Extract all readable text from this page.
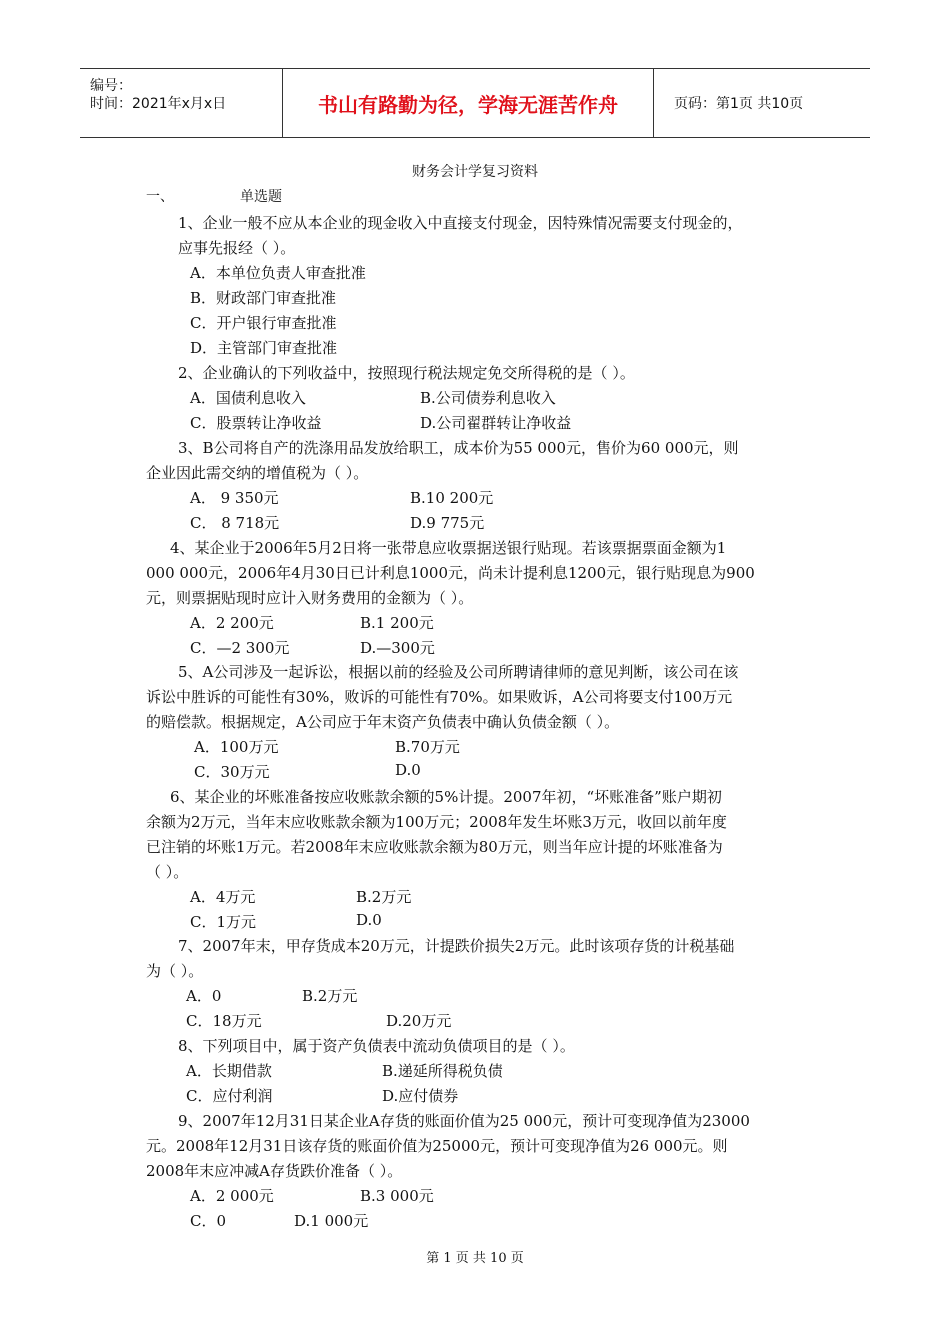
编号：
时间：2021年x月x日	书山有路勤为径，学海无涯苦作舟	页码：第1页 共10页
财务会计学复习资料
一、	单选题
1、企业一般不应从本企业的现金收入中直接支付现金，因特殊情况需要支付现金的，
应事先报经（ ）。
A．本单位负责人审查批准
B．财政部门审查批准
C．开户银行审查批准
D．主管部门审查批准
2、企业确认的下列收益中，按照现行税法规定免交所得税的是（ ）。
A．国债利息收入	B.公司债券利息收入
C．股票转让净收益	D.公司翟群转让净收益
3、B公司将自产的洗涤用品发放给职工，成本价为55 000元，售价为60 000元，则
企业因此需交纳的增值税为（ ）。
A． 9 350元	B.10 200元
C． 8 718元	D.9 775元
4、某企业于2006年5月2日将一张带息应收票据送银行贴现。若该票据票面金额为1
000 000元，2006年4月30日已计利息1000元，尚未计提利息1200元，银行贴现息为900
元，则票据贴现时应计入财务费用的金额为（ ）。
A．2 200元	B.1 200元
C．—2 300元	D.—300元
5、A公司涉及一起诉讼，根据以前的经验及公司所聘请律师的意见判断，该公司在该
诉讼中胜诉的可能性有30%，败诉的可能性有70%。如果败诉，A公司将要支付100万元
的赔偿款。根据规定，A公司应于年末资产负债表中确认负债金额（ ）。
A．100万元	B.70万元
C．30万元	D.0
6、某企业的坏账准备按应收账款余额的5%计提。2007年初，“坏账准备”账户期初
余额为2万元，当年末应收账款余额为100万元；2008年发生坏账3万元，收回以前年度
已注销的坏账1万元。若2008年末应收账款余额为80万元，则当年应计提的坏账准备为
（ ）。
A．4万元	B.2万元
C．1万元	D.0
7、2007年末，甲存货成本20万元，计提跌价损失2万元。此时该项存货的计税基础
为（ ）。
A．0	B.2万元
C．18万元	D.20万元
8、下列项目中，属于资产负债表中流动负债项目的是（ ）。
A．长期借款	B.递延所得税负债
C．应付利润	D.应付债券
9、2007年12月31日某企业A存货的账面价值为25 000元，预计可变现净值为23000
元。2008年12月31日该存货的账面价值为25000元，预计可变现净值为26 000元。则
2008年末应冲减A存货跌价准备（ ）。
A．2 000元	B.3 000元
C．0	D.1 000元
第 1 页 共 10 页
